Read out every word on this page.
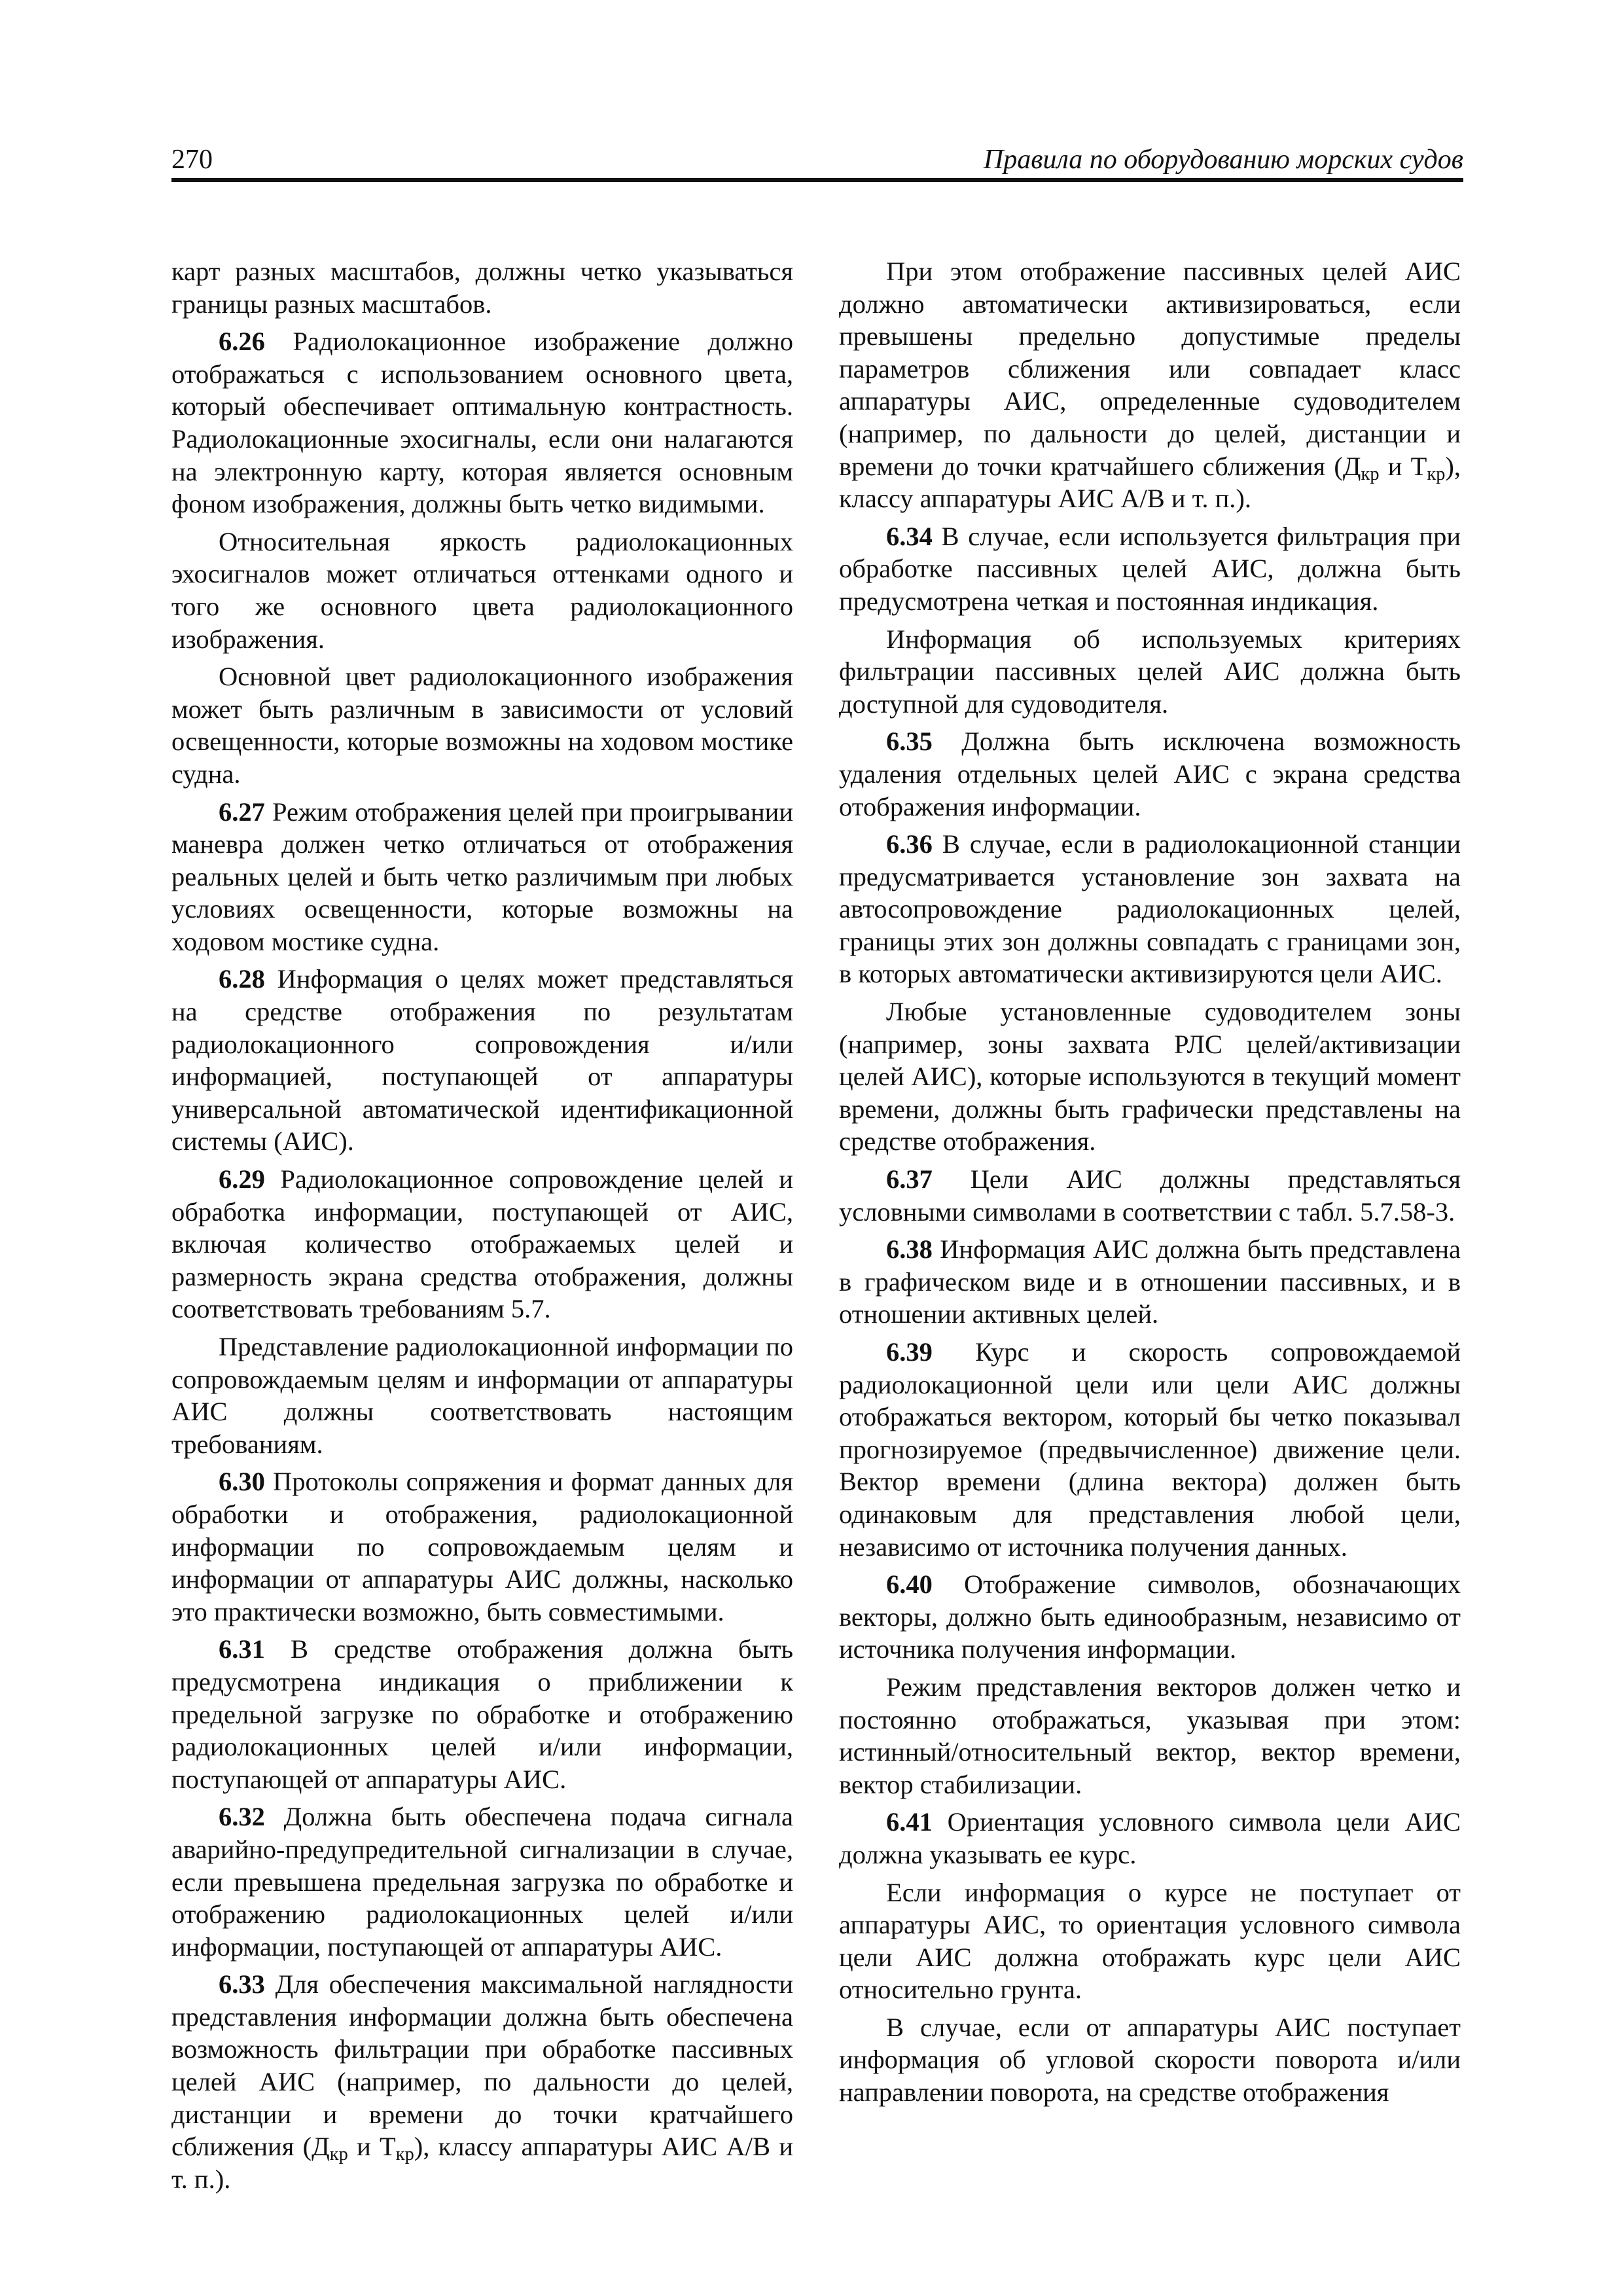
270	Правила по оборудованию морских судов

карт разных масштабов, должны четко указываться границы разных масштабов.

6.26 Радиолокационное изображение должно отображаться с использованием основного цвета, который обеспечивает оптимальную контрастность. Радиолокационные эхосигналы, если они налагаются на электронную карту, которая является основным фоном изображения, должны быть четко видимыми.

Относительная яркость радиолокационных эхосигналов может отличаться оттенками одного и того же основного цвета радиолокационного изображения.

Основной цвет радиолокационного изображения может быть различным в зависимости от условий освещенности, которые возможны на ходовом мостике судна.

6.27 Режим отображения целей при проигрывании маневра должен четко отличаться от отображения реальных целей и быть четко различимым при любых условиях освещенности, которые возможны на ходовом мостике судна.

6.28 Информация о целях может представляться на средстве отображения по результатам радиолокационного сопровождения и/или информацией, поступающей от аппаратуры универсальной автоматической идентификационной системы (АИС).

6.29 Радиолокационное сопровождение целей и обработка информации, поступающей от АИС, включая количество отображаемых целей и размерность экрана средства отображения, должны соответствовать требованиям 5.7.

Представление радиолокационной информации по сопровождаемым целям и информации от аппаратуры АИС должны соответствовать настоящим требованиям.

6.30 Протоколы сопряжения и формат данных для обработки и отображения, радиолокационной информации по сопровождаемым целям и информации от аппаратуры АИС должны, насколько это практически возможно, быть совместимыми.

6.31 В средстве отображения должна быть предусмотрена индикация о приближении к предельной загрузке по обработке и отображению радиолокационных целей и/или информации, поступающей от аппаратуры АИС.

6.32 Должна быть обеспечена подача сигнала аварийно-предупредительной сигнализации в случае, если превышена предельная загрузка по обработке и отображению радиолокационных целей и/или информации, поступающей от аппаратуры АИС.

6.33 Для обеспечения максимальной наглядности представления информации должна быть обеспечена возможность фильтрации при обработке пассивных целей АИС (например, по дальности до целей, дистанции и времени до точки кратчайшего сближения ($Д_{кр}$ и $Т_{кр}$), классу аппаратуры АИС А/В и т. п.).

При этом отображение пассивных целей АИС должно автоматически активизироваться, если превышены предельно допустимые пределы параметров сближения или совпадает класс аппаратуры АИС, определенные судоводителем (например, по дальности до целей, дистанции и времени до точки кратчайшего сближения ($Д_{кр}$ и $Т_{кр}$), классу аппаратуры АИС А/В и т. п.).

6.34 В случае, если используется фильтрация при обработке пассивных целей АИС, должна быть предусмотрена четкая и постоянная индикация.

Информация об используемых критериях фильтрации пассивных целей АИС должна быть доступной для судоводителя.

6.35 Должна быть исключена возможность удаления отдельных целей АИС с экрана средства отображения информации.

6.36 В случае, если в радиолокационной станции предусматривается установление зон захвата на автосопровождение радиолокационных целей, границы этих зон должны совпадать с границами зон, в которых автоматически активизируются цели АИС.

Любые установленные судоводителем зоны (например, зоны захвата РЛС целей/активизации целей АИС), которые используются в текущий момент времени, должны быть графически представлены на средстве отображения.

6.37 Цели АИС должны представляться условными символами в соответствии с табл. 5.7.58-3.

6.38 Информация АИС должна быть представлена в графическом виде и в отношении пассивных, и в отношении активных целей.

6.39 Курс и скорость сопровождаемой радиолокационной цели или цели АИС должны отображаться вектором, который бы четко показывал прогнозируемое (предвычисленное) движение цели. Вектор времени (длина вектора) должен быть одинаковым для представления любой цели, независимо от источника получения данных.

6.40 Отображение символов, обозначающих векторы, должно быть единообразным, независимо от источника получения информации.

Режим представления векторов должен четко и постоянно отображаться, указывая при этом: истинный/относительный вектор, вектор времени, вектор стабилизации.

6.41 Ориентация условного символа цели АИС должна указывать ее курс.

Если информация о курсе не поступает от аппаратуры АИС, то ориентация условного символа цели АИС должна отображать курс цели АИС относительно грунта.

В случае, если от аппаратуры АИС поступает информация об угловой скорости поворота и/или направлении поворота, на средстве отображения
